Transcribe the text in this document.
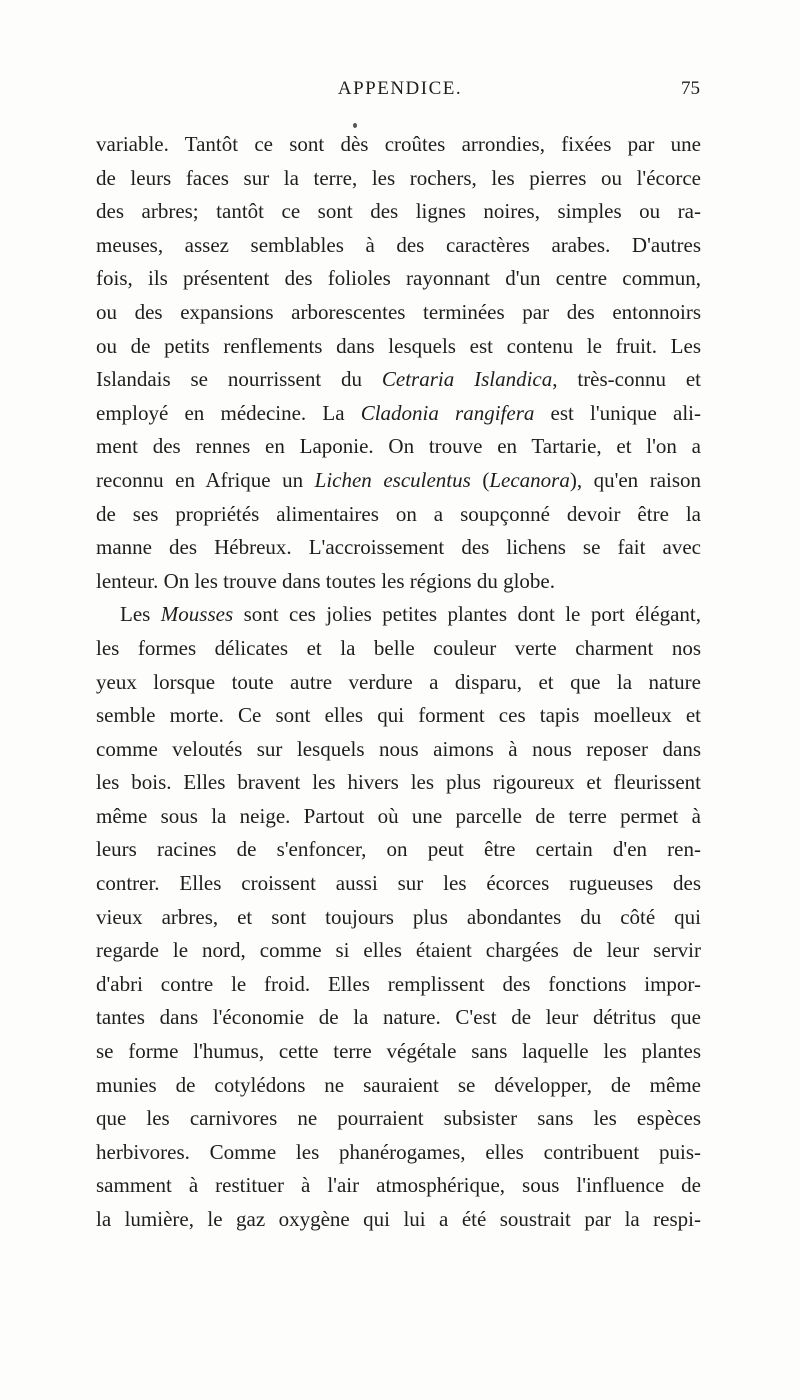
APPENDICE.	75
variable. Tantôt ce sont dès croûtes arrondies, fixées par une
de leurs faces sur la terre, les rochers, les pierres ou l'écorce
des arbres; tantôt ce sont des lignes noires, simples ou ra-
meuses, assez semblables à des caractères arabes. D'autres
fois, ils présentent des folioles rayonnant d'un centre commun,
ou des expansions arborescentes terminées par des entonnoirs
ou de petits renflements dans lesquels est contenu le fruit. Les
Islandais se nourrissent du Cetraria Islandica, très-connu et
employé en médecine. La Cladonia rangifera est l'unique ali-
ment des rennes en Laponie. On trouve en Tartarie, et l'on a
reconnu en Afrique un Lichen esculentus (Lecanora), qu'en raison
de ses propriétés alimentaires on a soupçonné devoir être la
manne des Hébreux. L'accroissement des lichens se fait avec
lenteur. On les trouve dans toutes les régions du globe.
Les Mousses sont ces jolies petites plantes dont le port élégant,
les formes délicates et la belle couleur verte charment nos
yeux lorsque toute autre verdure a disparu, et que la nature
semble morte. Ce sont elles qui forment ces tapis moelleux et
comme veloutés sur lesquels nous aimons à nous reposer dans
les bois. Elles bravent les hivers les plus rigoureux et fleurissent
même sous la neige. Partout où une parcelle de terre permet à
leurs racines de s'enfoncer, on peut être certain d'en ren-
contrer. Elles croissent aussi sur les écorces rugueuses des
vieux arbres, et sont toujours plus abondantes du côté qui
regarde le nord, comme si elles étaient chargées de leur servir
d'abri contre le froid. Elles remplissent des fonctions impor-
tantes dans l'économie de la nature. C'est de leur détritus que
se forme l'humus, cette terre végétale sans laquelle les plantes
munies de cotylédons ne sauraient se développer, de même
que les carnivores ne pourraient subsister sans les espèces
herbivores. Comme les phanérogames, elles contribuent puis-
samment à restituer à l'air atmosphérique, sous l'influence de
la lumière, le gaz oxygène qui lui a été soustrait par la respi-
